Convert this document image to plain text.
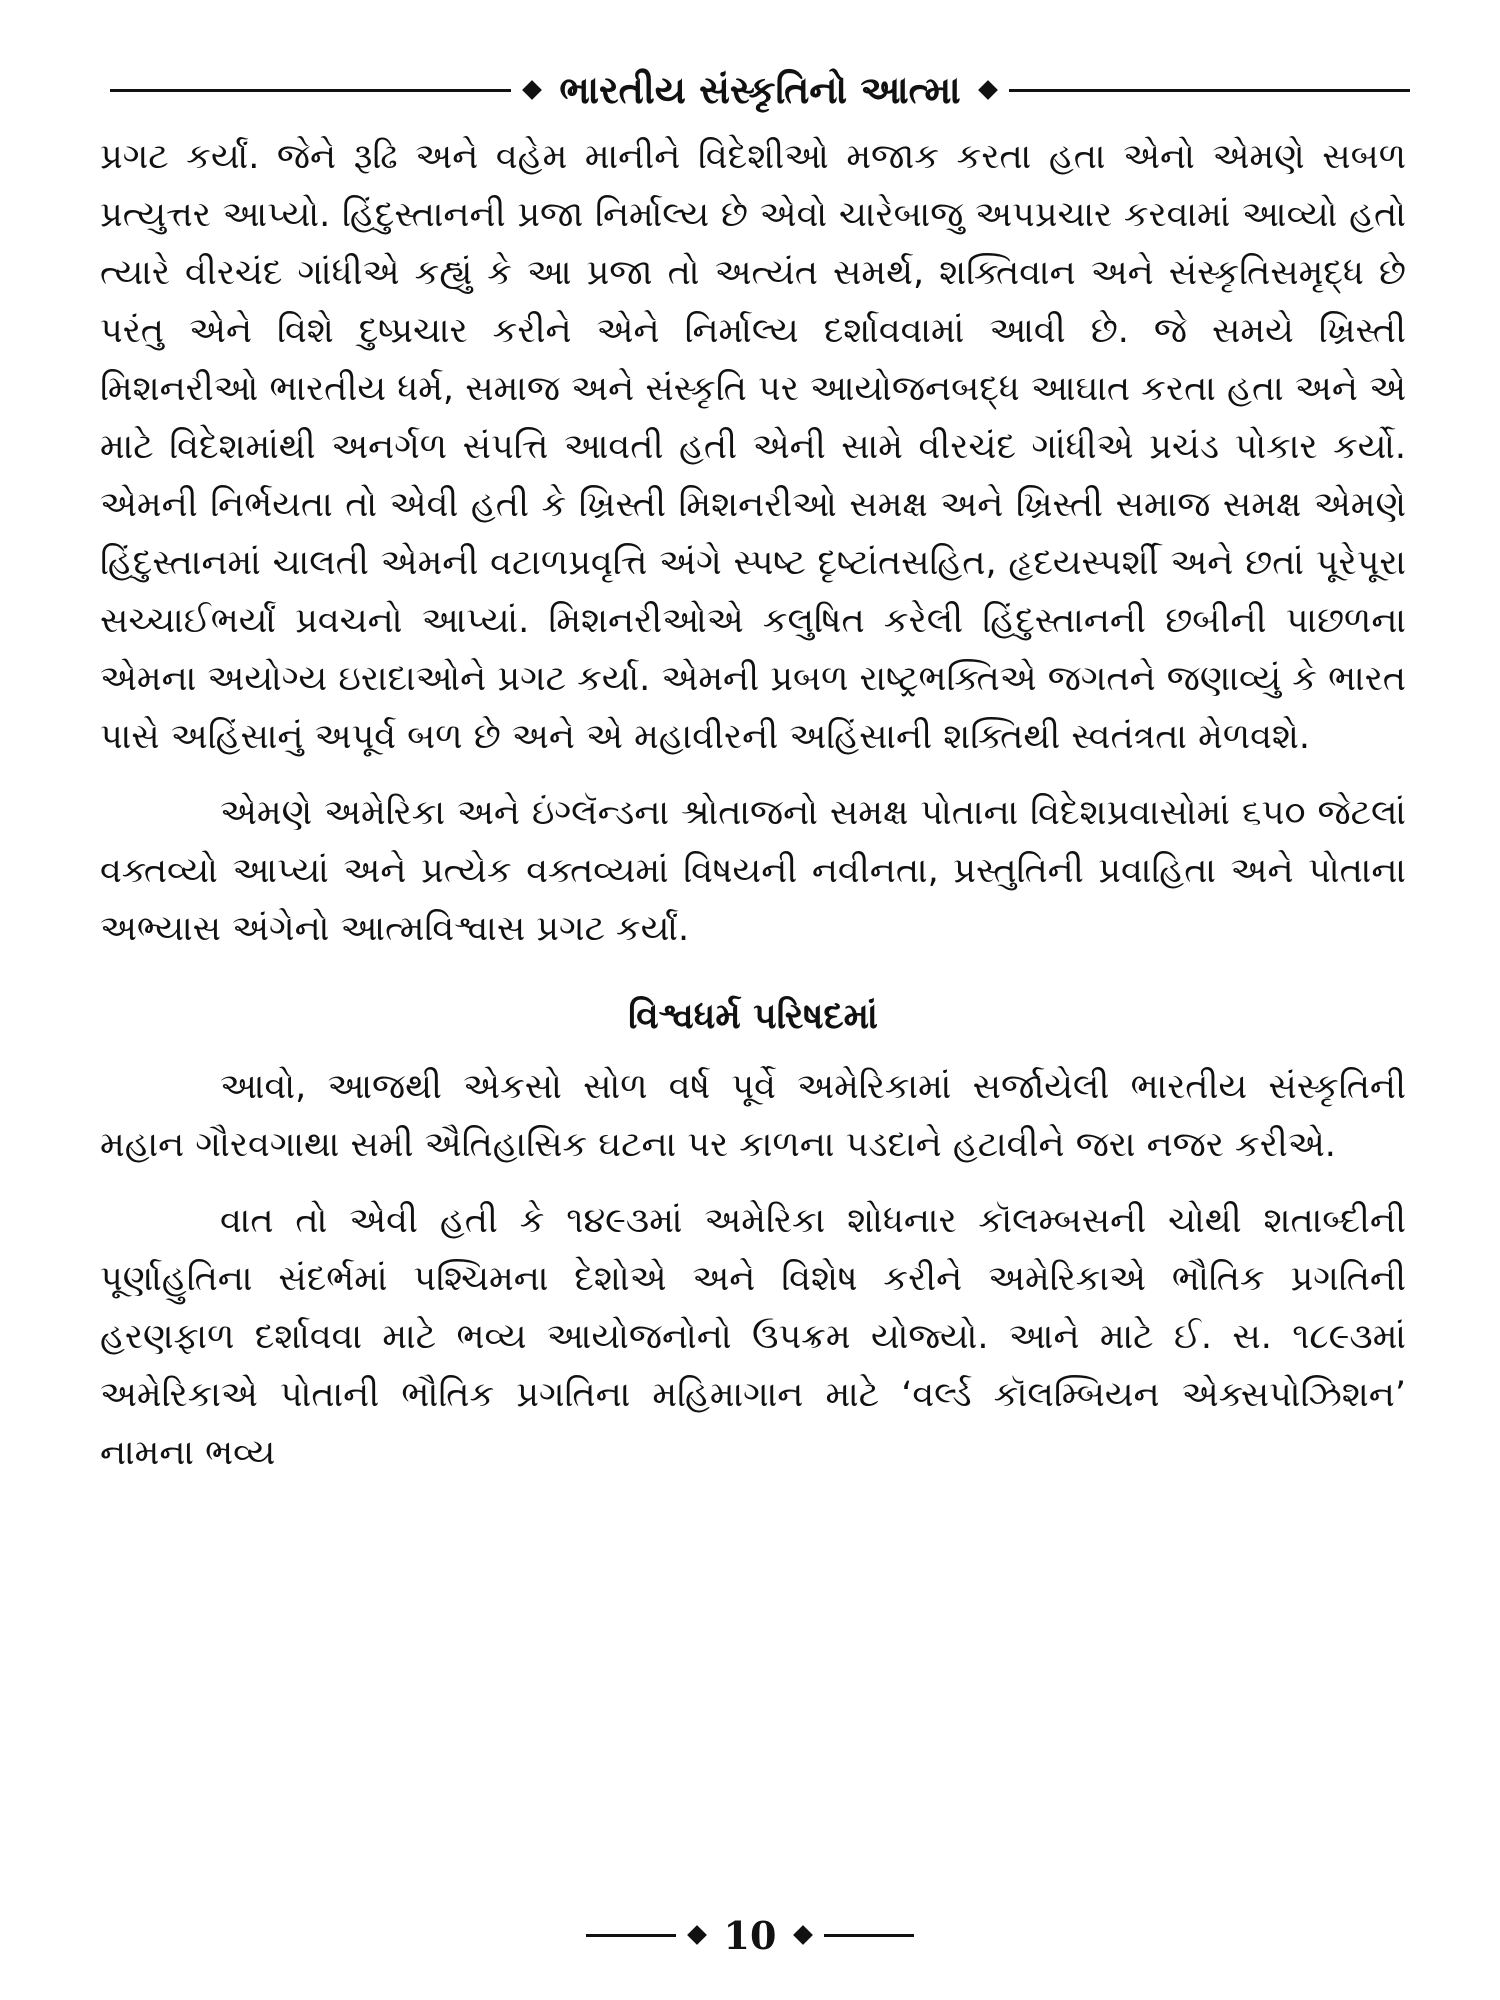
ભારતીય સંસ્કૃતિનો આત્મા

પ્રગટ કર્યાં. જેને રૂઢિ અને વહેમ માનીને વિદેશીઓ મજાક કરતા હતા એનો એમણે સબળ પ્રત્યુત્તર આપ્યો. હિંદુસ્તાનની પ્રજા નિર્માલ્ય છે એવો ચારેબાજુ અપપ્રચાર કરવામાં આવ્યો હતો ત્યારે વીરચંદ ગાંધીએ કહ્યું કે આ પ્રજા તો અત્યંત સમર્થ, શક્તિવાન અને સંસ્કૃતિસમૃદ્ધ છે પરંતુ એને વિશે દુષ્પ્રચાર કરીને એને નિર્માલ્ય દર્શાવવામાં આવી છે. જે સમયે ખ્રિસ્તી મિશનરીઓ ભારતીય ધર્મ, સમાજ અને સંસ્કૃતિ પર આયોજનબદ્ધ આઘાત કરતા હતા અને એ માટે વિદેશમાંથી અનર્ગળ સંપત્તિ આવતી હતી એની સામે વીરચંદ ગાંધીએ પ્રચંડ પોકાર કર્યો. એમની નિર્ભયતા તો એવી હતી કે ખ્રિસ્તી મિશનરીઓ સમક્ષ અને ખ્રિસ્તી સમાજ સમક્ષ એમણે હિંદુસ્તાનમાં ચાલતી એમની વટાળપ્રવૃત્તિ અંગે સ્પષ્ટ દૃષ્ટાંતસહિત, હૃદયસ્પર્શી અને છતાં પૂરેપૂરા સચ્ચાઈભર્યાં પ્રવચનો આપ્યાં. મિશનરીઓએ કલુષિત કરેલી હિંદુસ્તાનની છબીની પાછળના એમના અયોગ્ય ઇરાદાઓને પ્રગટ કર્યા. એમની પ્રબળ રાષ્ટ્રભક્તિએ જગતને જણાવ્યું કે ભારત પાસે અહિંસાનું અપૂર્વ બળ છે અને એ મહાવીરની અહિંસાની શક્તિથી સ્વતંત્રતા મેળવશે.

એમણે અમેરિકા અને ઇંગ્લૅન્ડના શ્રોતાજનો સમક્ષ પોતાના વિદેશપ્રવાસોમાં ૬૫૦ જેટલાં વક્તવ્યો આપ્યાં અને પ્રત્યેક વક્તવ્યમાં વિષયની નવીનતા, પ્રસ્તુતિની પ્રવાહિતા અને પોતાના અભ્યાસ અંગેનો આત્મવિશ્વાસ પ્રગટ કર્યાં.

વિશ્વધર્મ પરિષદમાં

આવો, આજથી એકસો સોળ વર્ષ પૂર્વે અમેરિકામાં સર્જાયેલી ભારતીય સંસ્કૃતિની મહાન ગૌરવગાથા સમી ઐતિહાસિક ઘટના પર કાળના પડદાને હટાવીને જરા નજર કરીએ.

વાત તો એવી હતી કે ૧૪૯૩માં અમેરિકા શોધનાર કૉલમ્બસની ચોથી શતાબ્દીની પૂર્ણાહુતિના સંદર્ભમાં પશ્ચિમના દેશોએ અને વિશેષ કરીને અમેરિકાએ ભૌતિક પ્રગતિની હરણફાળ દર્શાવવા માટે ભવ્ય આયોજનોનો ઉપક્રમ યોજ્યો. આને માટે ઈ. સ. ૧૮૯૩માં અમેરિકાએ પોતાની ભૌતિક પ્રગતિના મહિમાગાન માટે ‘વર્લ્ડ કૉલમ્બિયન એક્સપોઝિશન’ નામના ભવ્ય

10
